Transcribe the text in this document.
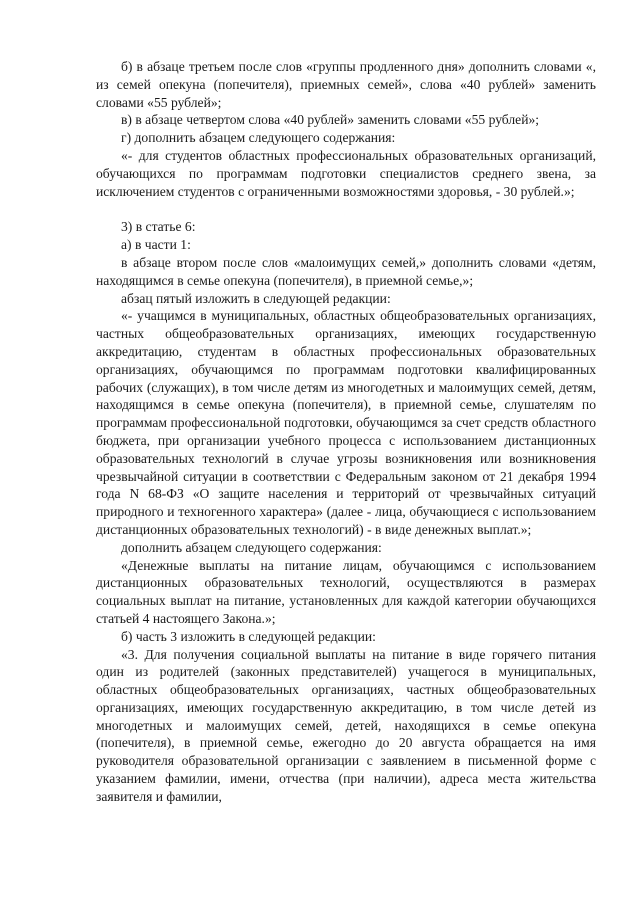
б) в абзаце третьем после слов «группы продленного дня» дополнить словами «, из семей опекуна (попечителя), приемных семей», слова «40 рублей» заменить словами «55 рублей»;

в) в абзаце четвертом слова «40 рублей» заменить словами «55 рублей»;

г) дополнить абзацем следующего содержания:

«- для студентов областных профессиональных образовательных организаций, обучающихся по программам подготовки специалистов среднего звена, за исключением студентов с ограниченными возможностями здоровья, - 30 рублей.»;

3) в статье 6:

а) в части 1:

в абзаце втором после слов «малоимущих семей,» дополнить словами «детям, находящимся в семье опекуна (попечителя), в приемной семье,»;

абзац пятый изложить в следующей редакции:

«- учащимся в муниципальных, областных общеобразовательных организациях, частных общеобразовательных организациях, имеющих государственную аккредитацию, студентам в областных профессиональных образовательных организациях, обучающимся по программам подготовки квалифицированных рабочих (служащих), в том числе детям из многодетных и малоимущих семей, детям, находящимся в семье опекуна (попечителя), в приемной семье, слушателям по программам профессиональной подготовки, обучающимся за счет средств областного бюджета, при организации учебного процесса с использованием дистанционных образовательных технологий в случае угрозы возникновения или возникновения чрезвычайной ситуации в соответствии с Федеральным законом от 21 декабря 1994 года N 68-ФЗ «О защите населения и территорий от чрезвычайных ситуаций природного и техногенного характера» (далее - лица, обучающиеся с использованием дистанционных образовательных технологий) - в виде денежных выплат.»;

дополнить абзацем следующего содержания:

«Денежные выплаты на питание лицам, обучающимся с использованием дистанционных образовательных технологий, осуществляются в размерах социальных выплат на питание, установленных для каждой категории обучающихся статьей 4 настоящего Закона.»;

б) часть 3 изложить в следующей редакции:

«3. Для получения социальной выплаты на питание в виде горячего питания один из родителей (законных представителей) учащегося в муниципальных, областных общеобразовательных организациях, частных общеобразовательных организациях, имеющих государственную аккредитацию, в том числе детей из многодетных и малоимущих семей, детей, находящихся в семье опекуна (попечителя), в приемной семье, ежегодно до 20 августа обращается на имя руководителя образовательной организации с заявлением в письменной форме с указанием фамилии, имени, отчества (при наличии), адреса места жительства заявителя и фамилии,
